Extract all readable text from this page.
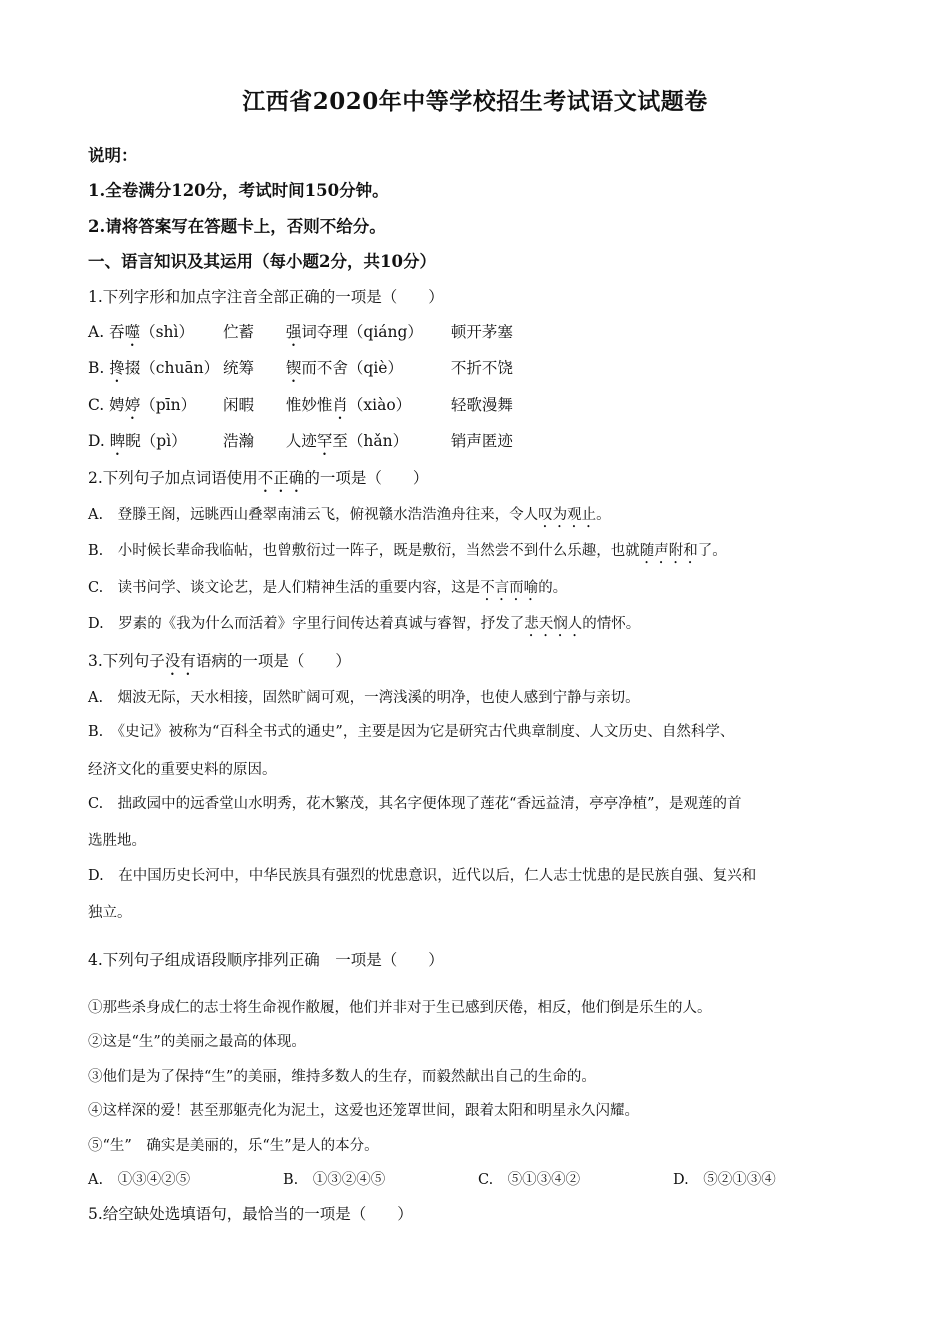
江西省2020年中等学校招生考试语文试题卷
说明：
1.全卷满分120分，考试时间150分钟。
2.请将答案写在答题卡上，否则不给分。
一、语言知识及其运用（每小题2分，共10分）
1.下列字形和加点字注音全部正确的一项是（　　）
A. 吞噬（shì） 伫蓄 强词夺理（qiáng） 顿开茅塞
B. 搀掇（chuān） 统筹 锲而不舍（qiè）	不折不饶
C. 娉婷（pīn） 闲暇 惟妙惟肖（xiào）	轻歌漫舞
D. 睥睨（pì） 浩瀚 人迹罕至（hǎn）	销声匿迹
2.下列句子加点词语使用不正确的一项是（　　）
A.　登滕王阁，远眺西山叠翠南浦云飞，俯视赣水浩浩渔舟往来，令人叹为观止。
B.　小时候长辈命我临帖，也曾敷衍过一阵子，既是敷衍，当然尝不到什么乐趣，也就随声附和了。
C.　读书问学、谈文论艺，是人们精神生活的重要内容，这是不言而喻的。
D.　罗素的《我为什么而活着》字里行间传达着真诚与睿智，抒发了悲天悯人的情怀。
3.下列句子没有语病的一项是（　　）
A.　烟波无际，天水相接，固然旷阔可观，一湾浅溪的明净，也使人感到宁静与亲切。
B.　《史记》被称为“百科全书式的通史”，主要是因为它是研究古代典章制度、人文历史、自然科学、
经济文化的重要史料的原因。
C.　拙政园中的远香堂山水明秀，花木繁茂，其名字便体现了莲花“香远益清，亭亭净植”，是观莲的首
选胜地。
D.　在中国历史长河中，中华民族具有强烈的忧患意识，近代以后，仁人志士忧患的是民族自强、复兴和
独立。
4.下列句子组成语段顺序排列正确　一项是（　　）
①那些杀身成仁的志士将生命视作敝履，他们并非对于生已感到厌倦，相反，他们倒是乐生的人。
②这是“生”的美丽之最高的体现。
③他们是为了保持“生”的美丽，维持多数人的生存，而毅然献出自己的生命的。
④这样深的爱！甚至那躯壳化为泥土，这爱也还笼罩世间，跟着太阳和明星永久闪耀。
⑤“生”　确实是美丽的，乐“生”是人的本分。
A.　①③④②⑤	B.　①③②④⑤	C.　⑤①③④②	D.　⑤②①③④
5.给空缺处选填语句，最恰当的一项是（　　）
